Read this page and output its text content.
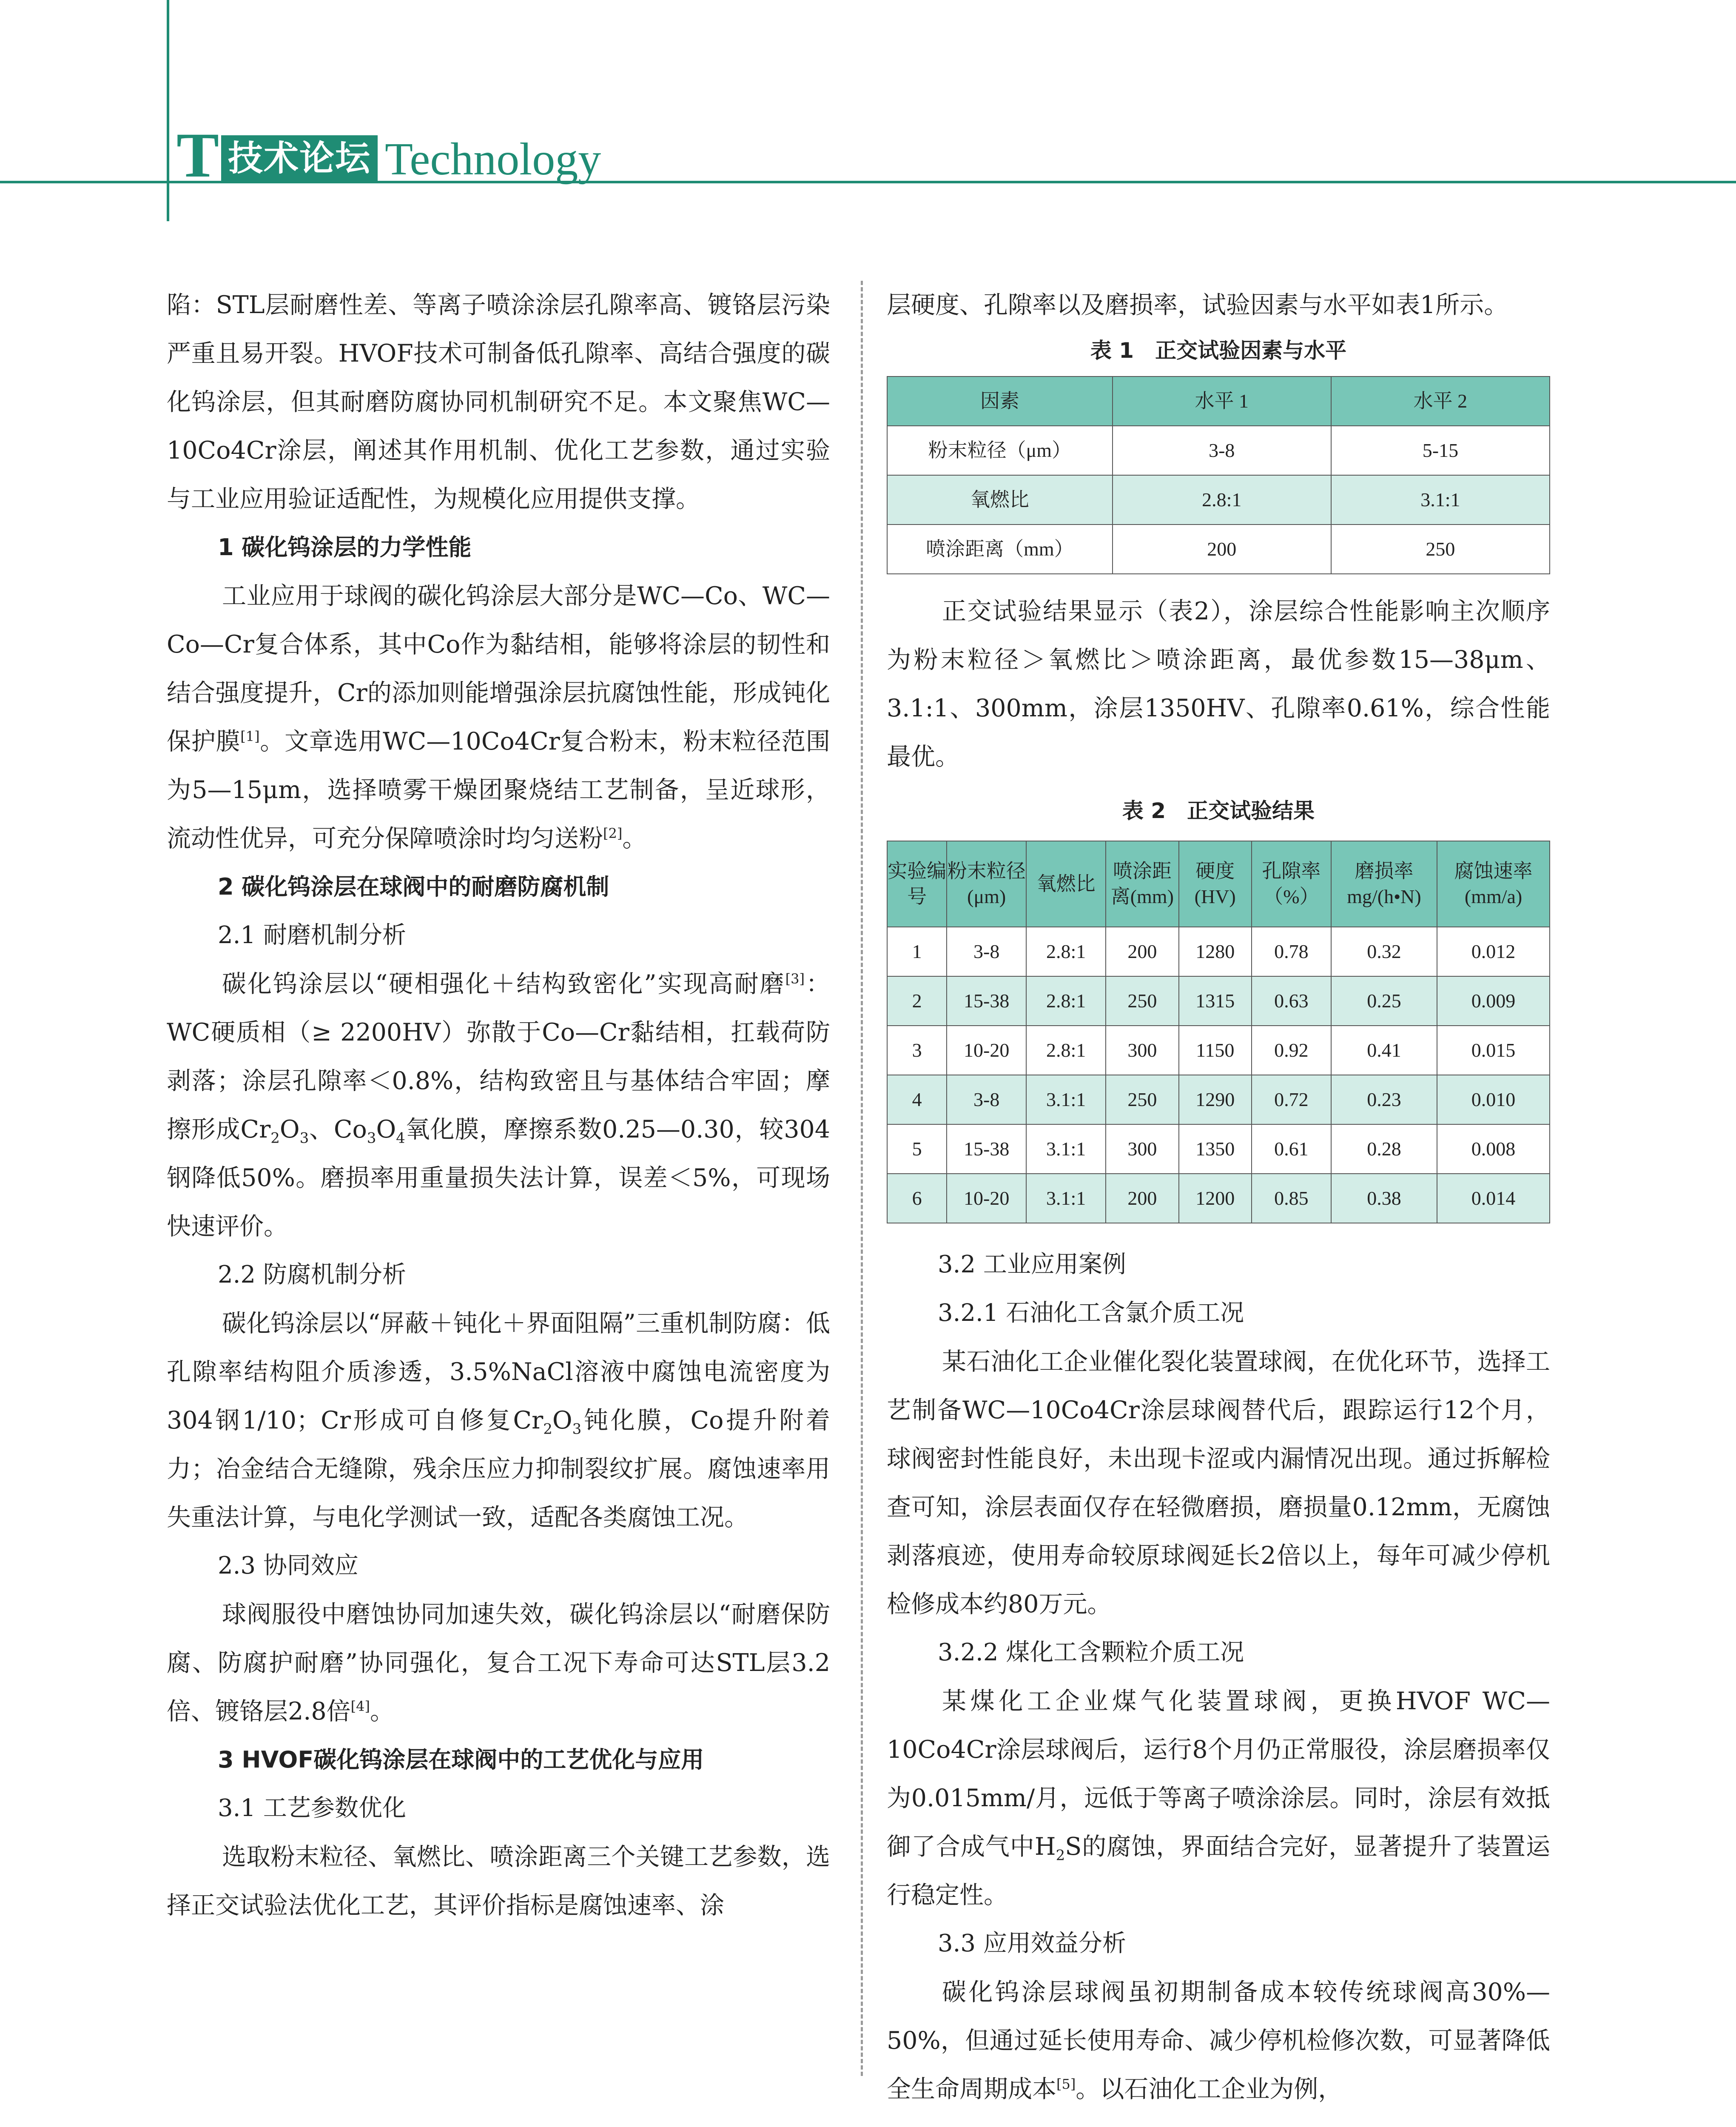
T 技术论坛 Technology

陷：STL层耐磨性差、等离子喷涂涂层孔隙率高、镀铬层污染严重且易开裂。HVOF技术可制备低孔隙率、高结合强度的碳化钨涂层，但其耐磨防腐协同机制研究不足。本文聚焦WC—10Co4Cr涂层，阐述其作用机制、优化工艺参数，通过实验与工业应用验证适配性，为规模化应用提供支撑。

1 碳化钨涂层的力学性能

工业应用于球阀的碳化钨涂层大部分是WC—Co、WC—Co—Cr复合体系，其中Co作为黏结相，能够将涂层的韧性和结合强度提升，Cr的添加则能增强涂层抗腐蚀性能，形成钝化保护膜[1]。文章选用WC—10Co4Cr复合粉末，粉末粒径范围为5—15μm，选择喷雾干燥团聚烧结工艺制备，呈近球形，流动性优异，可充分保障喷涂时均匀送粉[2]。

2 碳化钨涂层在球阀中的耐磨防腐机制
2.1 耐磨机制分析

碳化钨涂层以“硬相强化＋结构致密化”实现高耐磨[3]：WC硬质相（≥ 2200HV）弥散于Co—Cr黏结相，扛载荷防剥落；涂层孔隙率＜0.8%，结构致密且与基体结合牢固；摩擦形成$Cr_2O_3$、$Co_3O_4$氧化膜，摩擦系数0.25—0.30，较304钢降低50%。磨损率用重量损失法计算，误差＜5%，可现场快速评价。

2.2 防腐机制分析

碳化钨涂层以“屏蔽＋钝化＋界面阻隔”三重机制防腐：低孔隙率结构阻介质渗透，3.5%NaCl溶液中腐蚀电流密度为304钢1/10；Cr形成可自修复$Cr_2O_3$钝化膜，Co提升附着力；冶金结合无缝隙，残余压应力抑制裂纹扩展。腐蚀速率用失重法计算，与电化学测试一致，适配各类腐蚀工况。

2.3 协同效应

球阀服役中磨蚀协同加速失效，碳化钨涂层以“耐磨保防腐、防腐护耐磨”协同强化，复合工况下寿命可达STL层3.2倍、镀铬层2.8倍[4]。

3 HVOF碳化钨涂层在球阀中的工艺优化与应用
3.1 工艺参数优化

选取粉末粒径、氧燃比、喷涂距离三个关键工艺参数，选择正交试验法优化工艺，其评价指标是腐蚀速率、涂

层硬度、孔隙率以及磨损率，试验因素与水平如表1所示。

表 1　正交试验因素与水平
因素	水平 1	水平 2
粉末粒径（μm）	3-8	5-15
氧燃比	2.8:1	3.1:1
喷涂距离（mm）	200	250

正交试验结果显示（表2），涂层综合性能影响主次顺序为粉末粒径＞氧燃比＞喷涂距离，最优参数15—38μm、3.1:1、300mm，涂层1350HV、孔隙率0.61%，综合性能最优。

表 2　正交试验结果
实验编号	粉末粒径(μm)	氧燃比	喷涂距离(mm)	硬度(HV)	孔隙率（%）	磨损率mg/(h•N)	腐蚀速率(mm/a)
1	3-8	2.8:1	200	1280	0.78	0.32	0.012
2	15-38	2.8:1	250	1315	0.63	0.25	0.009
3	10-20	2.8:1	300	1150	0.92	0.41	0.015
4	3-8	3.1:1	250	1290	0.72	0.23	0.010
5	15-38	3.1:1	300	1350	0.61	0.28	0.008
6	10-20	3.1:1	200	1200	0.85	0.38	0.014
3.2 工业应用案例
3.2.1 石油化工含氯介质工况

某石油化工企业催化裂化装置球阀，在优化环节，选择工艺制备WC—10Co4Cr涂层球阀替代后，跟踪运行12个月，球阀密封性能良好，未出现卡涩或内漏情况出现。通过拆解检查可知，涂层表面仅存在轻微磨损，磨损量0.12mm，无腐蚀剥落痕迹，使用寿命较原球阀延长2倍以上，每年可减少停机检修成本约80万元。

3.2.2 煤化工含颗粒介质工况

某煤化工企业煤气化装置球阀，更换HVOF WC—10Co4Cr涂层球阀后，运行8个月仍正常服役，涂层磨损率仅为0.015mm/月，远低于等离子喷涂涂层。同时，涂层有效抵御了合成气中$H_2S$的腐蚀，界面结合完好，显著提升了装置运行稳定性。

3.3 应用效益分析

碳化钨涂层球阀虽初期制备成本较传统球阀高30%—50%，但通过延长使用寿命、减少停机检修次数，可显著降低全生命周期成本[5]。以石油化工企业为例，
